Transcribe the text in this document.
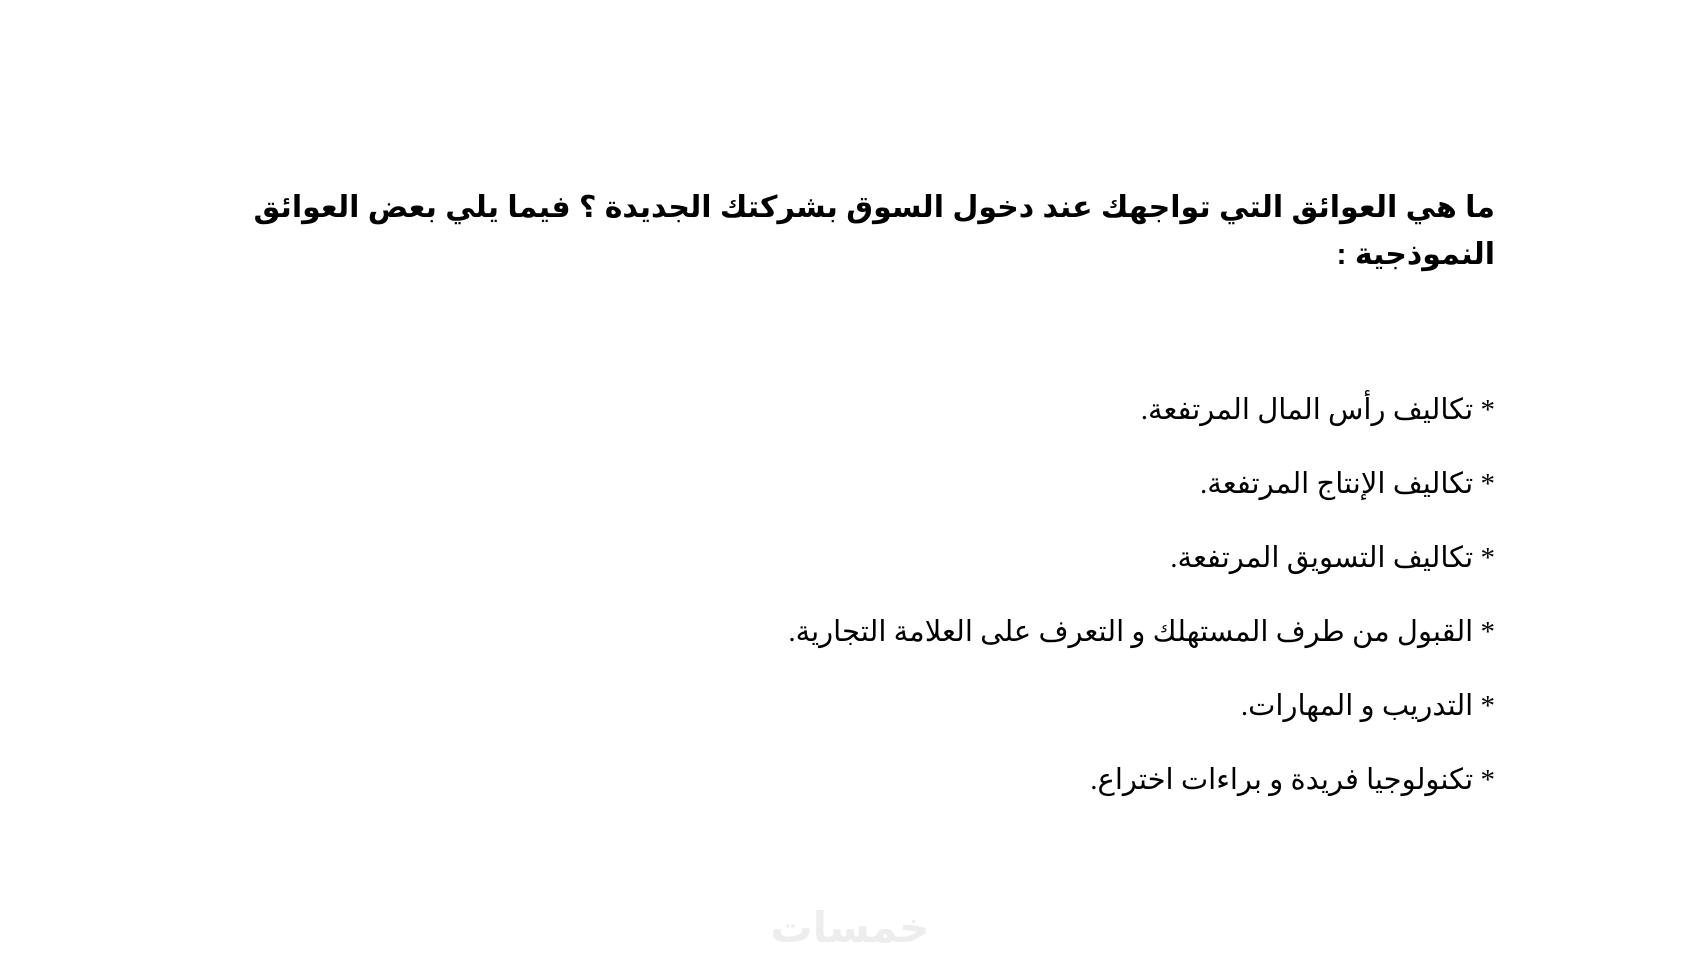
ما هي العوائق التي تواجهك عند دخول السوق بشركتك الجديدة ؟ فيما يلي بعض العوائق النموذجية :

* تكاليف رأس المال المرتفعة.
* تكاليف الإنتاج المرتفعة.
* تكاليف التسويق المرتفعة.
* القبول من طرف المستهلك و التعرف على العلامة التجارية.
* التدريب و المهارات.
* تكنولوجيا فريدة و براءات اختراع.
خمسات
